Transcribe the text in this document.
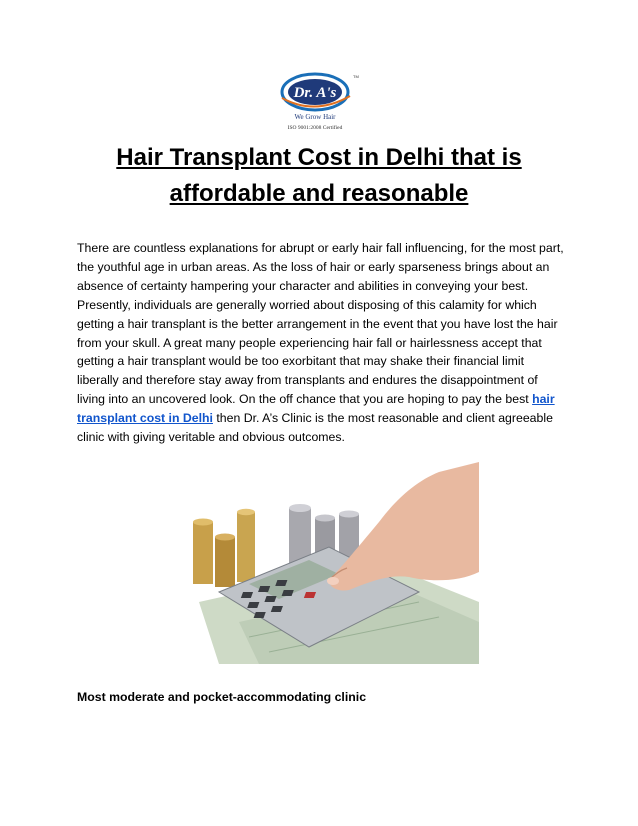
Dr. A's
TM
We Grow Hair
ISO 9001:2008 Certified
Hair Transplant Cost in Delhi that is
affordable and reasonable

There are countless explanations for abrupt or early hair fall influencing, for the most part, the youthful age in urban areas. As the loss of hair or early sparseness brings about an absence of certainty hampering your character and abilities in conveying your best. Presently, individuals are generally worried about disposing of this calamity for which getting a hair transplant is the better arrangement in the event that you have lost the hair from your skull. A great many people experiencing hair fall or hairlessness accept that getting a hair transplant would be too exorbitant that may shake their financial limit liberally and therefore stay away from transplants and endures the disappointment of living into an uncovered look. On the off chance that you are hoping to pay the best hair transplant cost in Delhi then Dr. A’s Clinic is the most reasonable and client agreeable clinic with giving veritable and obvious outcomes.

Most moderate and pocket-accommodating clinic
